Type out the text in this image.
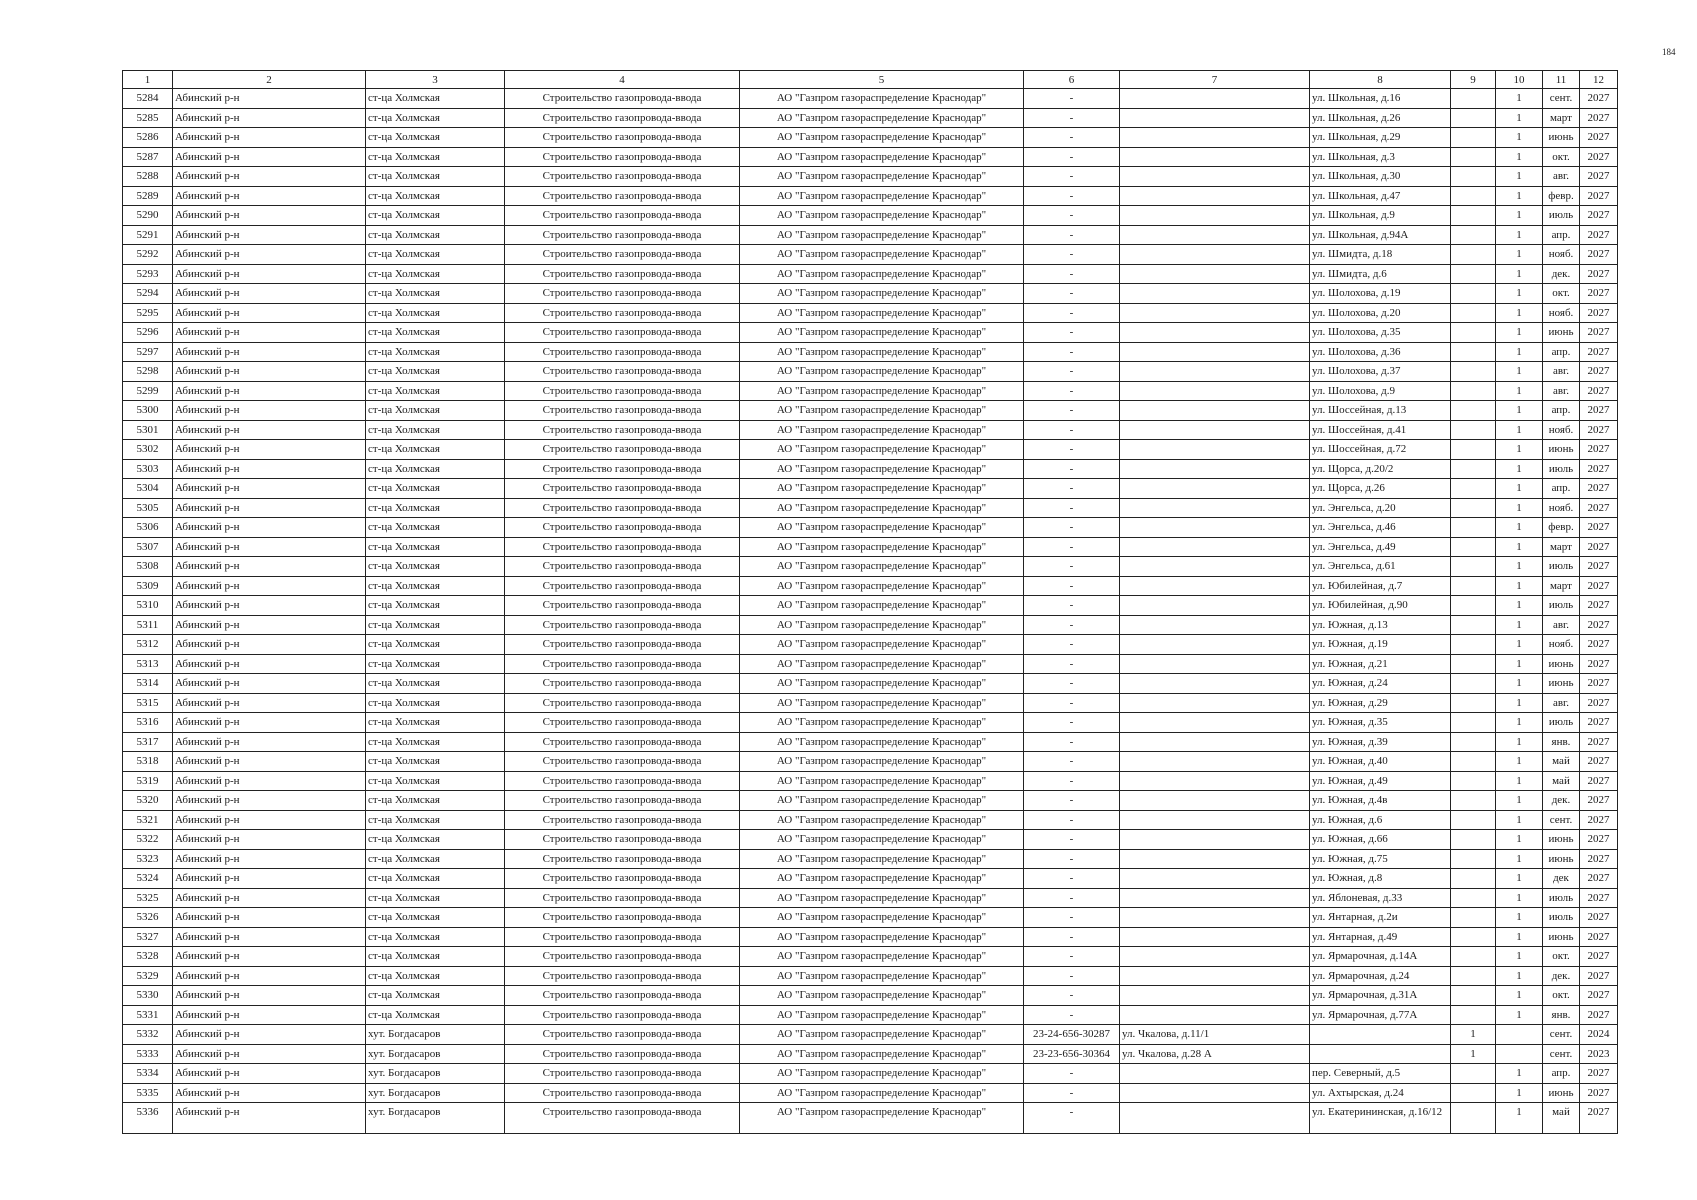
184
1	2	3	4	5	6	7	8	9	10	11	12
5284	Абинский р-н	ст-ца Холмская	Строительство газопровода-ввода	АО "Газпром газораспределение Краснодар"	-		ул. Школьная, д.16		1	сент.	2027
5285	Абинский р-н	ст-ца Холмская	Строительство газопровода-ввода	АО "Газпром газораспределение Краснодар"	-		ул. Школьная, д.26		1	март	2027
5286	Абинский р-н	ст-ца Холмская	Строительство газопровода-ввода	АО "Газпром газораспределение Краснодар"	-		ул. Школьная, д.29		1	июнь	2027
5287	Абинский р-н	ст-ца Холмская	Строительство газопровода-ввода	АО "Газпром газораспределение Краснодар"	-		ул. Школьная, д.3		1	окт.	2027
5288	Абинский р-н	ст-ца Холмская	Строительство газопровода-ввода	АО "Газпром газораспределение Краснодар"	-		ул. Школьная, д.30		1	авг.	2027
5289	Абинский р-н	ст-ца Холмская	Строительство газопровода-ввода	АО "Газпром газораспределение Краснодар"	-		ул. Школьная, д.47		1	февр.	2027
5290	Абинский р-н	ст-ца Холмская	Строительство газопровода-ввода	АО "Газпром газораспределение Краснодар"	-		ул. Школьная, д.9		1	июль	2027
5291	Абинский р-н	ст-ца Холмская	Строительство газопровода-ввода	АО "Газпром газораспределение Краснодар"	-		ул. Школьная, д.94А		1	апр.	2027
5292	Абинский р-н	ст-ца Холмская	Строительство газопровода-ввода	АО "Газпром газораспределение Краснодар"	-		ул. Шмидта, д.18		1	нояб.	2027
5293	Абинский р-н	ст-ца Холмская	Строительство газопровода-ввода	АО "Газпром газораспределение Краснодар"	-		ул. Шмидта, д.6		1	дек.	2027
5294	Абинский р-н	ст-ца Холмская	Строительство газопровода-ввода	АО "Газпром газораспределение Краснодар"	-		ул. Шолохова, д.19		1	окт.	2027
5295	Абинский р-н	ст-ца Холмская	Строительство газопровода-ввода	АО "Газпром газораспределение Краснодар"	-		ул. Шолохова, д.20		1	нояб.	2027
5296	Абинский р-н	ст-ца Холмская	Строительство газопровода-ввода	АО "Газпром газораспределение Краснодар"	-		ул. Шолохова, д.35		1	июнь	2027
5297	Абинский р-н	ст-ца Холмская	Строительство газопровода-ввода	АО "Газпром газораспределение Краснодар"	-		ул. Шолохова, д.36		1	апр.	2027
5298	Абинский р-н	ст-ца Холмская	Строительство газопровода-ввода	АО "Газпром газораспределение Краснодар"	-		ул. Шолохова, д.37		1	авг.	2027
5299	Абинский р-н	ст-ца Холмская	Строительство газопровода-ввода	АО "Газпром газораспределение Краснодар"	-		ул. Шолохова, д.9		1	авг.	2027
5300	Абинский р-н	ст-ца Холмская	Строительство газопровода-ввода	АО "Газпром газораспределение Краснодар"	-		ул. Шоссейная, д.13		1	апр.	2027
5301	Абинский р-н	ст-ца Холмская	Строительство газопровода-ввода	АО "Газпром газораспределение Краснодар"	-		ул. Шоссейная, д.41		1	нояб.	2027
5302	Абинский р-н	ст-ца Холмская	Строительство газопровода-ввода	АО "Газпром газораспределение Краснодар"	-		ул. Шоссейная, д.72		1	июнь	2027
5303	Абинский р-н	ст-ца Холмская	Строительство газопровода-ввода	АО "Газпром газораспределение Краснодар"	-		ул. Щорса, д.20/2		1	июль	2027
5304	Абинский р-н	ст-ца Холмская	Строительство газопровода-ввода	АО "Газпром газораспределение Краснодар"	-		ул. Щорса, д.26		1	апр.	2027
5305	Абинский р-н	ст-ца Холмская	Строительство газопровода-ввода	АО "Газпром газораспределение Краснодар"	-		ул. Энгельса, д.20		1	нояб.	2027
5306	Абинский р-н	ст-ца Холмская	Строительство газопровода-ввода	АО "Газпром газораспределение Краснодар"	-		ул. Энгельса, д.46		1	февр.	2027
5307	Абинский р-н	ст-ца Холмская	Строительство газопровода-ввода	АО "Газпром газораспределение Краснодар"	-		ул. Энгельса, д.49		1	март	2027
5308	Абинский р-н	ст-ца Холмская	Строительство газопровода-ввода	АО "Газпром газораспределение Краснодар"	-		ул. Энгельса, д.61		1	июль	2027
5309	Абинский р-н	ст-ца Холмская	Строительство газопровода-ввода	АО "Газпром газораспределение Краснодар"	-		ул. Юбилейная, д.7		1	март	2027
5310	Абинский р-н	ст-ца Холмская	Строительство газопровода-ввода	АО "Газпром газораспределение Краснодар"	-		ул. Юбилейная, д.90		1	июль	2027
5311	Абинский р-н	ст-ца Холмская	Строительство газопровода-ввода	АО "Газпром газораспределение Краснодар"	-		ул. Южная, д.13		1	авг.	2027
5312	Абинский р-н	ст-ца Холмская	Строительство газопровода-ввода	АО "Газпром газораспределение Краснодар"	-		ул. Южная, д.19		1	нояб.	2027
5313	Абинский р-н	ст-ца Холмская	Строительство газопровода-ввода	АО "Газпром газораспределение Краснодар"	-		ул. Южная, д.21		1	июнь	2027
5314	Абинский р-н	ст-ца Холмская	Строительство газопровода-ввода	АО "Газпром газораспределение Краснодар"	-		ул. Южная, д.24		1	июнь	2027
5315	Абинский р-н	ст-ца Холмская	Строительство газопровода-ввода	АО "Газпром газораспределение Краснодар"	-		ул. Южная, д.29		1	авг.	2027
5316	Абинский р-н	ст-ца Холмская	Строительство газопровода-ввода	АО "Газпром газораспределение Краснодар"	-		ул. Южная, д.35		1	июль	2027
5317	Абинский р-н	ст-ца Холмская	Строительство газопровода-ввода	АО "Газпром газораспределение Краснодар"	-		ул. Южная, д.39		1	янв.	2027
5318	Абинский р-н	ст-ца Холмская	Строительство газопровода-ввода	АО "Газпром газораспределение Краснодар"	-		ул. Южная, д.40		1	май	2027
5319	Абинский р-н	ст-ца Холмская	Строительство газопровода-ввода	АО "Газпром газораспределение Краснодар"	-		ул. Южная, д.49		1	май	2027
5320	Абинский р-н	ст-ца Холмская	Строительство газопровода-ввода	АО "Газпром газораспределение Краснодар"	-		ул. Южная, д.4в		1	дек.	2027
5321	Абинский р-н	ст-ца Холмская	Строительство газопровода-ввода	АО "Газпром газораспределение Краснодар"	-		ул. Южная, д.6		1	сент.	2027
5322	Абинский р-н	ст-ца Холмская	Строительство газопровода-ввода	АО "Газпром газораспределение Краснодар"	-		ул. Южная, д.66		1	июнь	2027
5323	Абинский р-н	ст-ца Холмская	Строительство газопровода-ввода	АО "Газпром газораспределение Краснодар"	-		ул. Южная, д.75		1	июнь	2027
5324	Абинский р-н	ст-ца Холмская	Строительство газопровода-ввода	АО "Газпром газораспределение Краснодар"	-		ул. Южная, д.8		1	дек	2027
5325	Абинский р-н	ст-ца Холмская	Строительство газопровода-ввода	АО "Газпром газораспределение Краснодар"	-		ул. Яблоневая, д.33		1	июль	2027
5326	Абинский р-н	ст-ца Холмская	Строительство газопровода-ввода	АО "Газпром газораспределение Краснодар"	-		ул. Янтарная, д.2и		1	июль	2027
5327	Абинский р-н	ст-ца Холмская	Строительство газопровода-ввода	АО "Газпром газораспределение Краснодар"	-		ул. Янтарная, д.49		1	июнь	2027
5328	Абинский р-н	ст-ца Холмская	Строительство газопровода-ввода	АО "Газпром газораспределение Краснодар"	-		ул. Ярмарочная, д.14А		1	окт.	2027
5329	Абинский р-н	ст-ца Холмская	Строительство газопровода-ввода	АО "Газпром газораспределение Краснодар"	-		ул. Ярмарочная, д.24		1	дек.	2027
5330	Абинский р-н	ст-ца Холмская	Строительство газопровода-ввода	АО "Газпром газораспределение Краснодар"	-		ул. Ярмарочная, д.31А		1	окт.	2027
5331	Абинский р-н	ст-ца Холмская	Строительство газопровода-ввода	АО "Газпром газораспределение Краснодар"	-		ул. Ярмарочная, д.77А		1	янв.	2027
5332	Абинский р-н	хут. Богдасаров	Строительство газопровода-ввода	АО "Газпром газораспределение Краснодар"	23-24-656-30287	ул. Чкалова, д.11/1		1		сент.	2024
5333	Абинский р-н	хут. Богдасаров	Строительство газопровода-ввода	АО "Газпром газораспределение Краснодар"	23-23-656-30364	ул. Чкалова, д.28 А		1		сент.	2023
5334	Абинский р-н	хут. Богдасаров	Строительство газопровода-ввода	АО "Газпром газораспределение Краснодар"	-		пер. Северный, д.5		1	апр.	2027
5335	Абинский р-н	хут. Богдасаров	Строительство газопровода-ввода	АО "Газпром газораспределение Краснодар"	-		ул. Ахтырская, д.24		1	июнь	2027
5336	Абинский р-н	хут. Богдасаров	Строительство газопровода-ввода	АО "Газпром газораспределение Краснодар"	-		ул. Екатерининская, д.16/12		1	май	2027
